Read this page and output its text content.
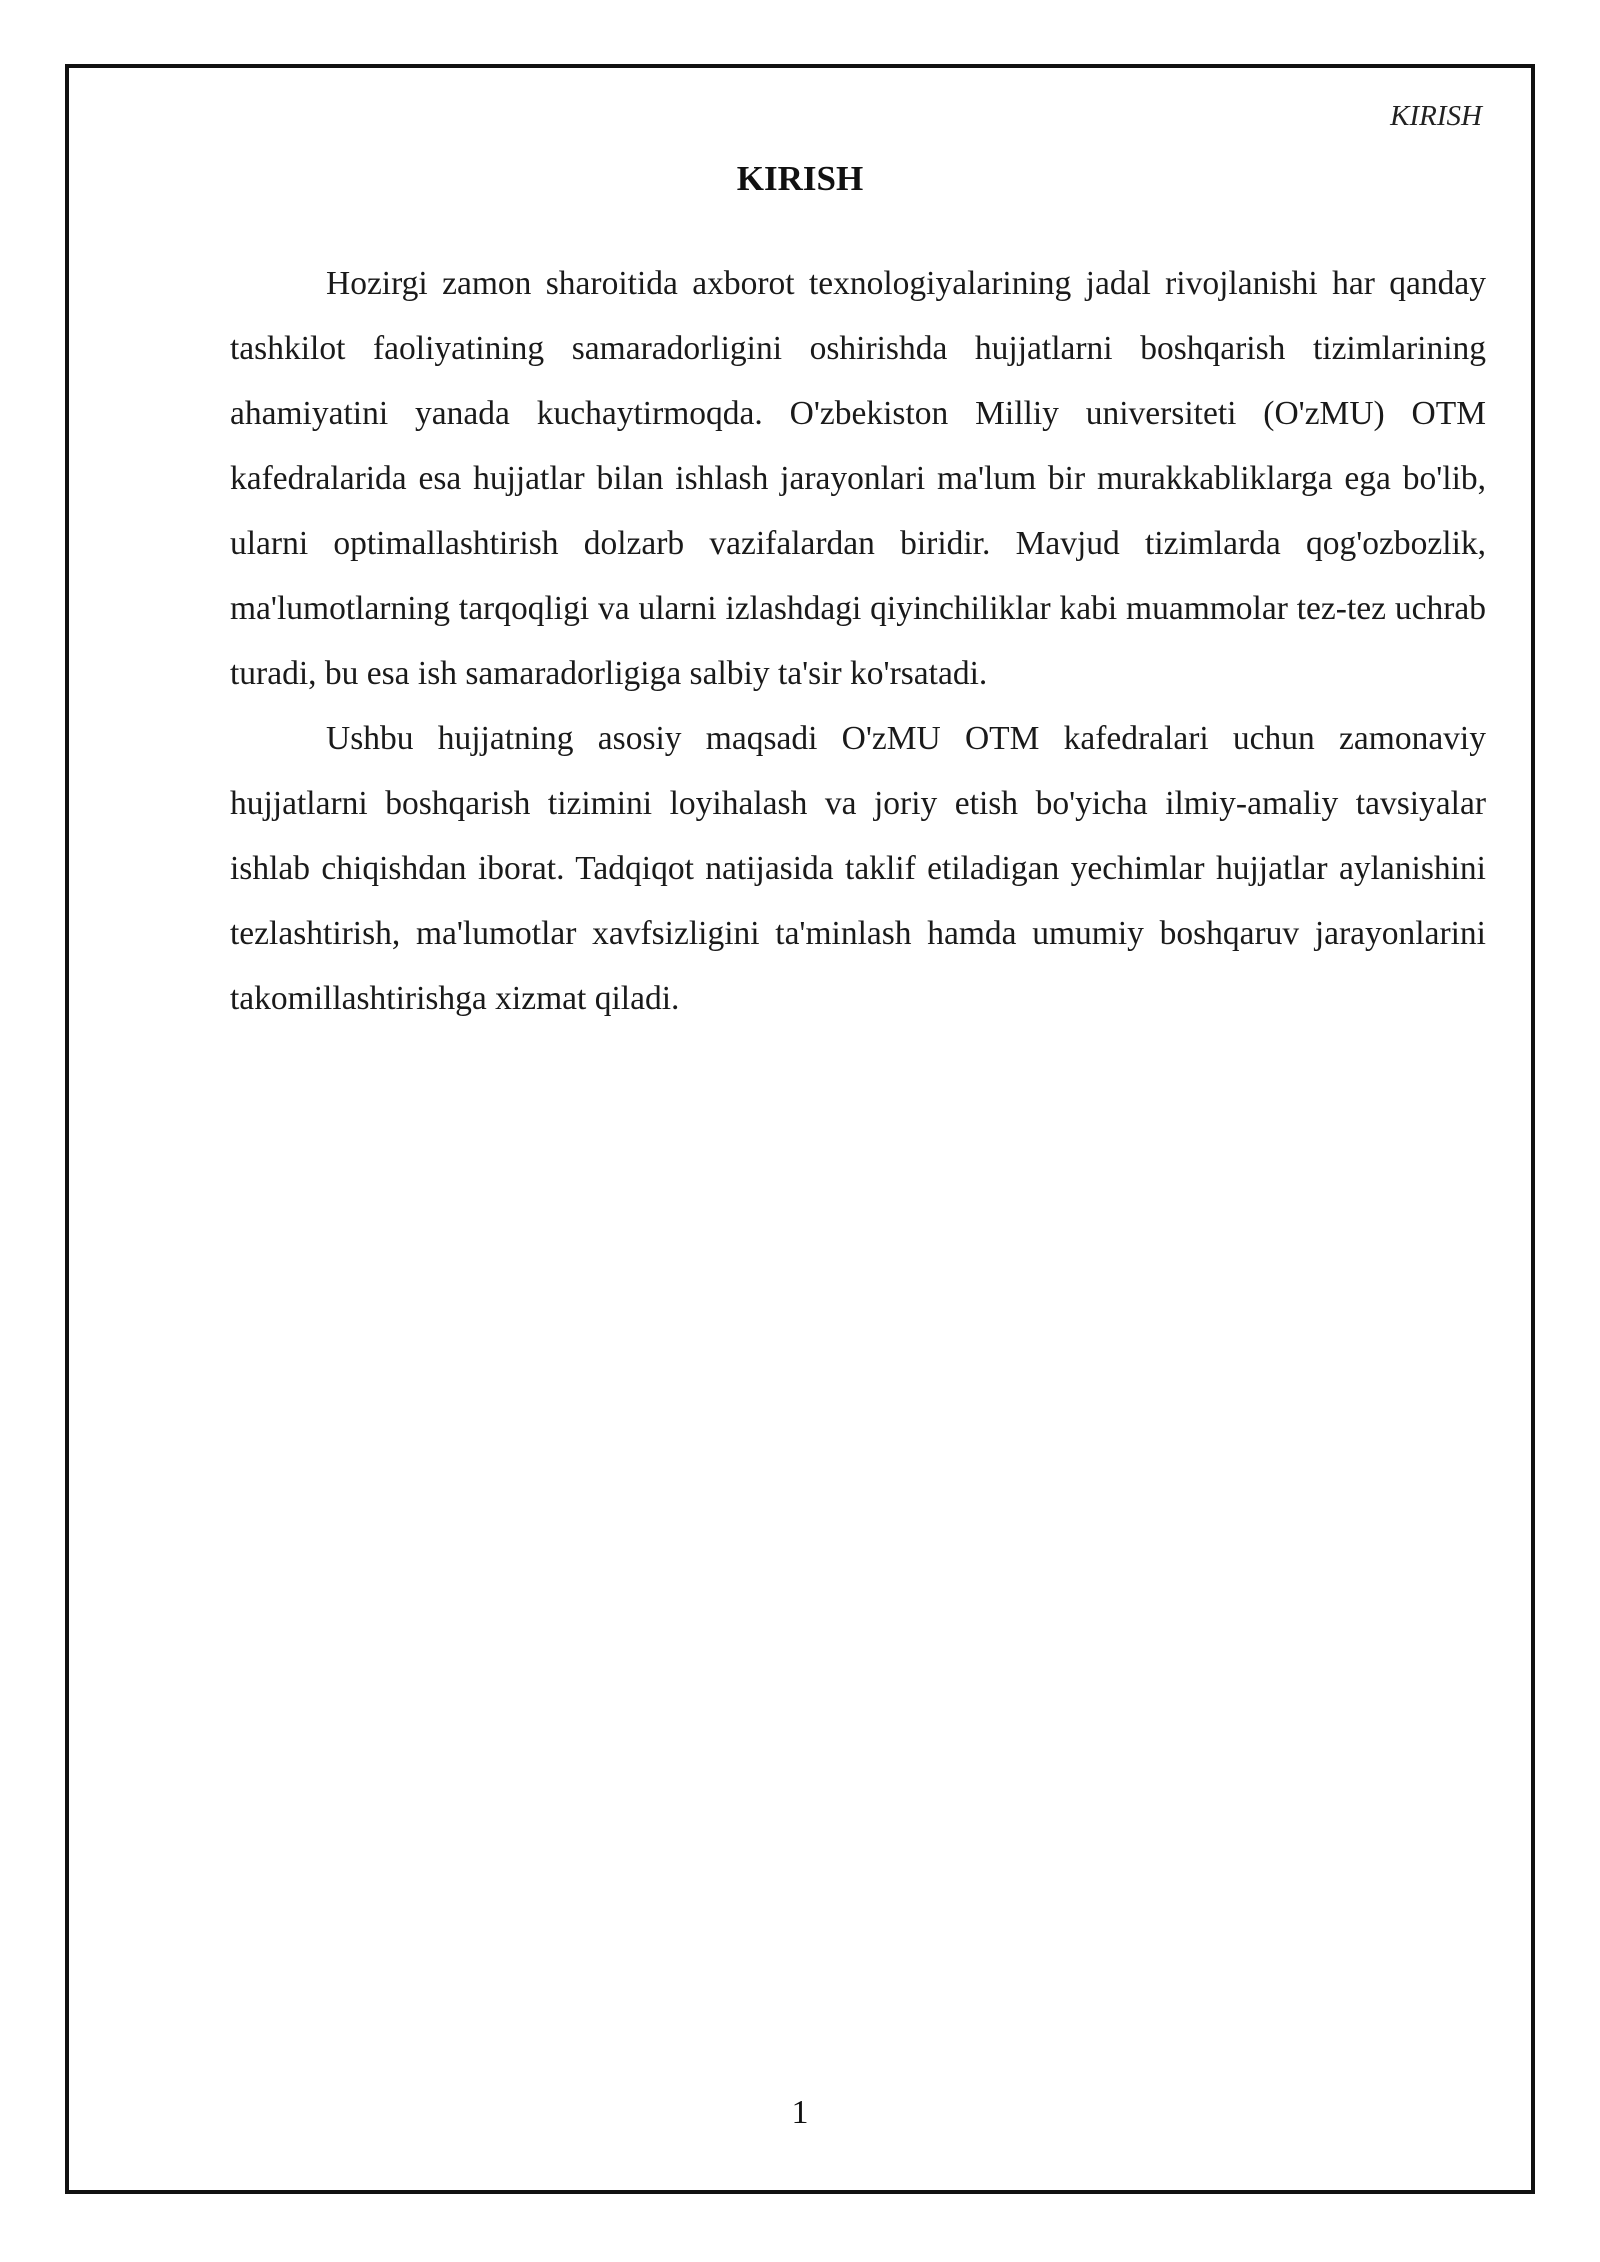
KIRISH
KIRISH

Hozirgi zamon sharoitida axborot texnologiyalarining jadal rivojlanishi har qanday tashkilot faoliyatining samaradorligini oshirishda hujjatlarni boshqarish tizimlarining ahamiyatini yanada kuchaytirmoqda. O'zbekiston Milliy universiteti (O'zMU) OTM kafedralarida esa hujjatlar bilan ishlash jarayonlari ma'lum bir murakkabliklarga ega bo'lib, ularni optimallashtirish dolzarb vazifalardan biridir. Mavjud tizimlarda qog'ozbozlik, ma'lumotlarning tarqoqligi va ularni izlashdagi qiyinchiliklar kabi muammolar tez-tez uchrab turadi, bu esa ish samaradorligiga salbiy ta'sir ko'rsatadi.

Ushbu hujjatning asosiy maqsadi O'zMU OTM kafedralari uchun zamonaviy hujjatlarni boshqarish tizimini loyihalash va joriy etish bo'yicha ilmiy-amaliy tavsiyalar ishlab chiqishdan iborat. Tadqiqot natijasida taklif etiladigan yechimlar hujjatlar aylanishini tezlashtirish, ma'lumotlar xavfsizligini ta'minlash hamda umumiy boshqaruv jarayonlarini takomillashtirishga xizmat qiladi.

1
